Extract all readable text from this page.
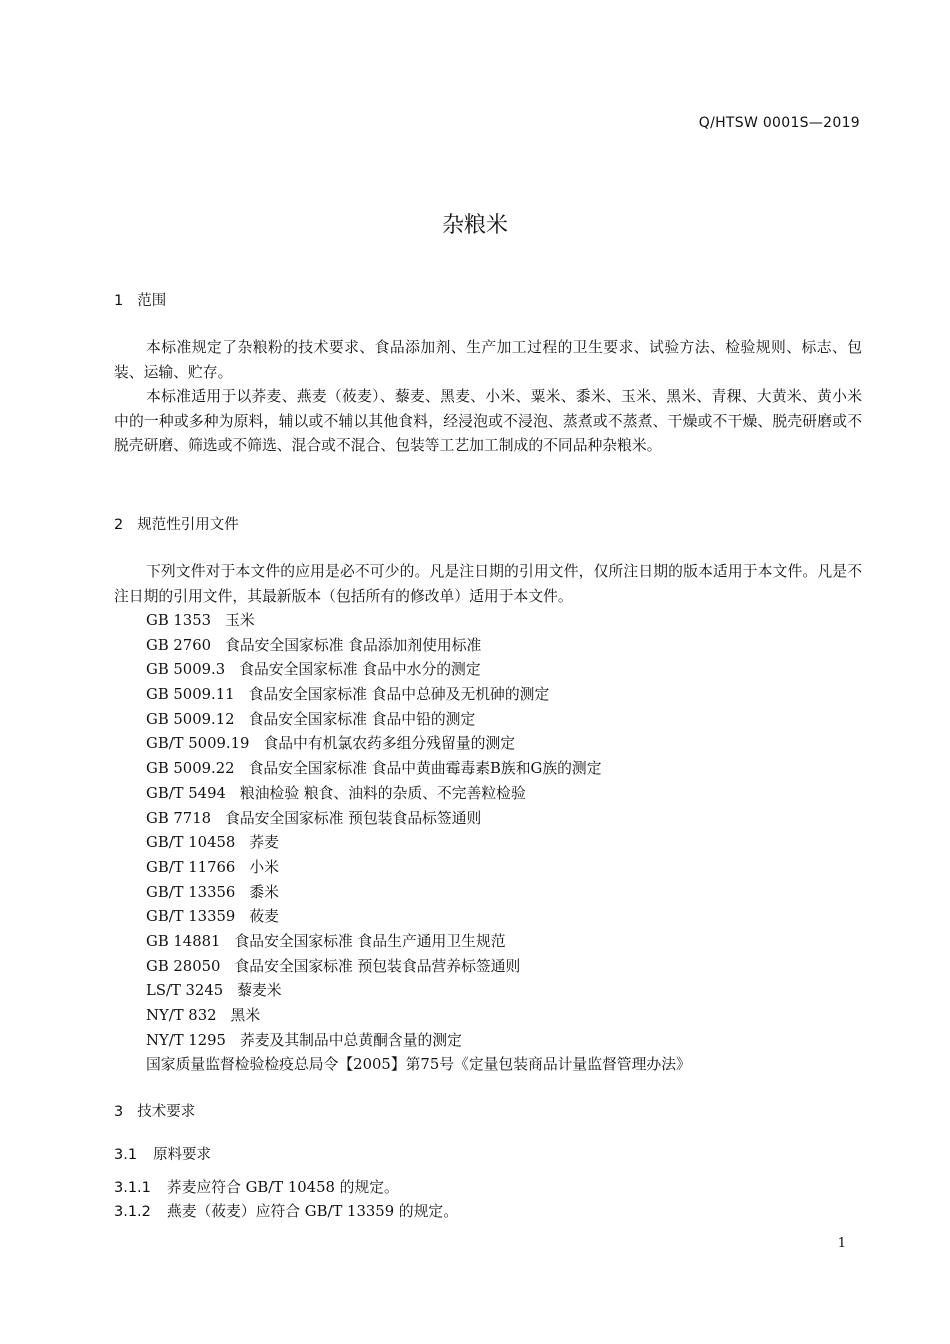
Q/HTSW 0001S—2019
杂粮米
1 范围

本标准规定了杂粮粉的技术要求、食品添加剂、生产加工过程的卫生要求、试验方法、检验规则、标志、包装、运输、贮存。

本标准适用于以荞麦、燕麦（莜麦）、藜麦、黑麦、小米、粟米、黍米、玉米、黑米、青稞、大黄米、黄小米中的一种或多种为原料，辅以或不辅以其他食料，经浸泡或不浸泡、蒸煮或不蒸煮、干燥或不干燥、脱壳研磨或不脱壳研磨、筛选或不筛选、混合或不混合、包装等工艺加工制成的不同品种杂粮米。

2 规范性引用文件

下列文件对于本文件的应用是必不可少的。凡是注日期的引用文件，仅所注日期的版本适用于本文件。凡是不注日期的引用文件，其最新版本（包括所有的修改单）适用于本文件。

GB 1353 玉米
GB 2760 食品安全国家标准 食品添加剂使用标准
GB 5009.3 食品安全国家标准 食品中水分的测定
GB 5009.11 食品安全国家标准 食品中总砷及无机砷的测定
GB 5009.12 食品安全国家标准 食品中铅的测定
GB/T 5009.19 食品中有机氯农药多组分残留量的测定
GB 5009.22 食品安全国家标准 食品中黄曲霉毒素B族和G族的测定
GB/T 5494 粮油检验 粮食、油料的杂质、不完善粒检验
GB 7718 食品安全国家标准 预包装食品标签通则
GB/T 10458 荞麦
GB/T 11766 小米
GB/T 13356 黍米
GB/T 13359 莜麦
GB 14881 食品安全国家标准 食品生产通用卫生规范
GB 28050 食品安全国家标准 预包装食品营养标签通则
LS/T 3245 藜麦米
NY/T 832 黑米
NY/T 1295 荞麦及其制品中总黄酮含量的测定
国家质量监督检验检疫总局令【2005】第75号《定量包装商品计量监督管理办法》
3 技术要求
3.1 原料要求
3.1.1 荞麦应符合 GB/T 10458 的规定。
3.1.2 燕麦（莜麦）应符合 GB/T 13359 的规定。
1
